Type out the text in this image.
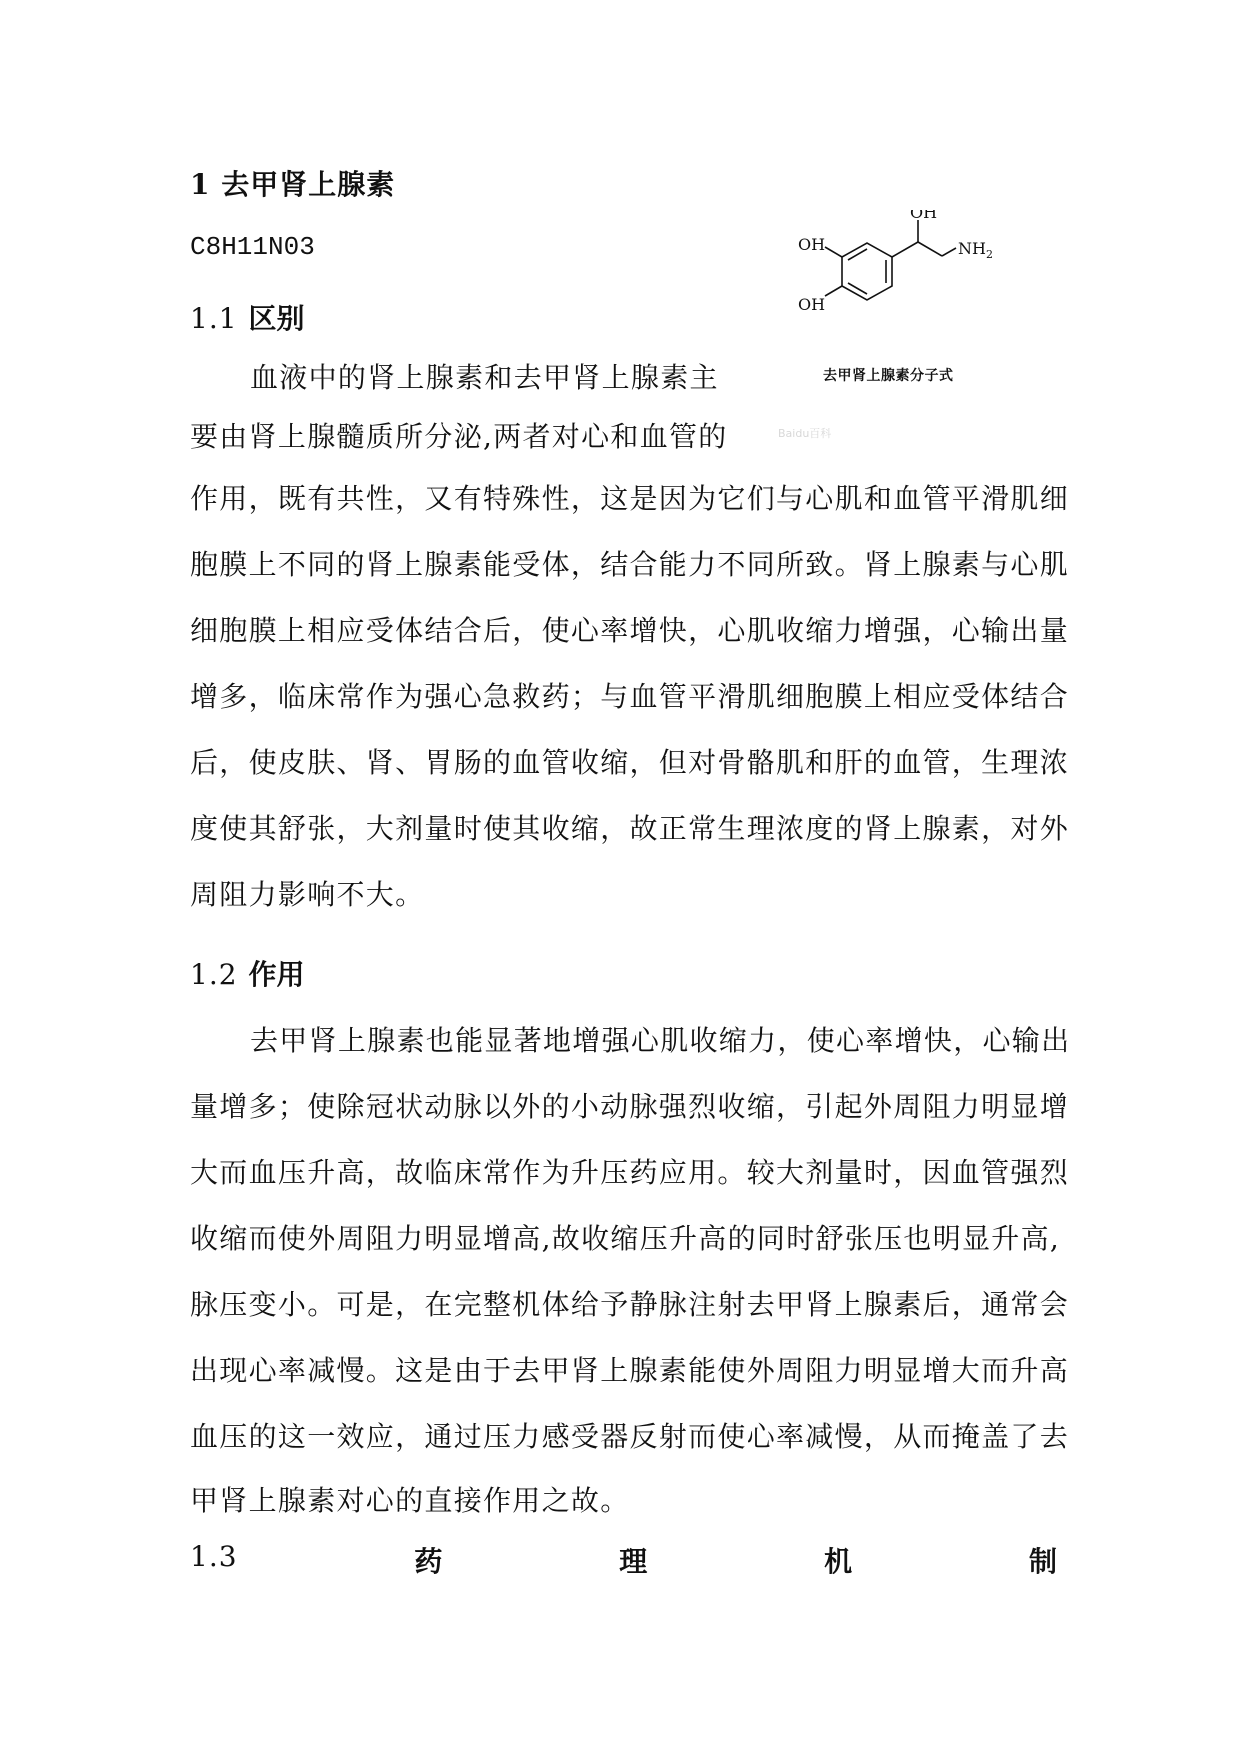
1 去甲肾上腺素
C8H11N03
1.1 区别
血液中的肾上腺素和去甲肾上腺素主
要由肾上腺髓质所分泌,两者对心和血管的
作用，既有共性，又有特殊性，这是因为它们与心肌和血管平滑肌细
胞膜上不同的肾上腺素能受体，结合能力不同所致。肾上腺素与心肌
细胞膜上相应受体结合后，使心率增快，心肌收缩力增强，心输出量
增多，临床常作为强心急救药；与血管平滑肌细胞膜上相应受体结合
后，使皮肤、肾、胃肠的血管收缩，但对骨骼肌和肝的血管，生理浓
度使其舒张，大剂量时使其收缩，故正常生理浓度的肾上腺素，对外
周阻力影响不大。
1.2 作用
去甲肾上腺素也能显著地增强心肌收缩力，使心率增快，心输出
量增多；使除冠状动脉以外的小动脉强烈收缩，引起外周阻力明显增
大而血压升高，故临床常作为升压药应用。较大剂量时，因血管强烈
收缩而使外周阻力明显增高,故收缩压升高的同时舒张压也明显升高,
脉压变小。可是，在完整机体给予静脉注射去甲肾上腺素后，通常会
出现心率减慢。这是由于去甲肾上腺素能使外周阻力明显增大而升高
血压的这一效应，通过压力感受器反射而使心率减慢，从而掩盖了去
甲肾上腺素对心的直接作用之故。
1.3	药	理	机	制
OH
OH
OH
$NH_2$
去甲肾上腺素分子式
Baidu百科
